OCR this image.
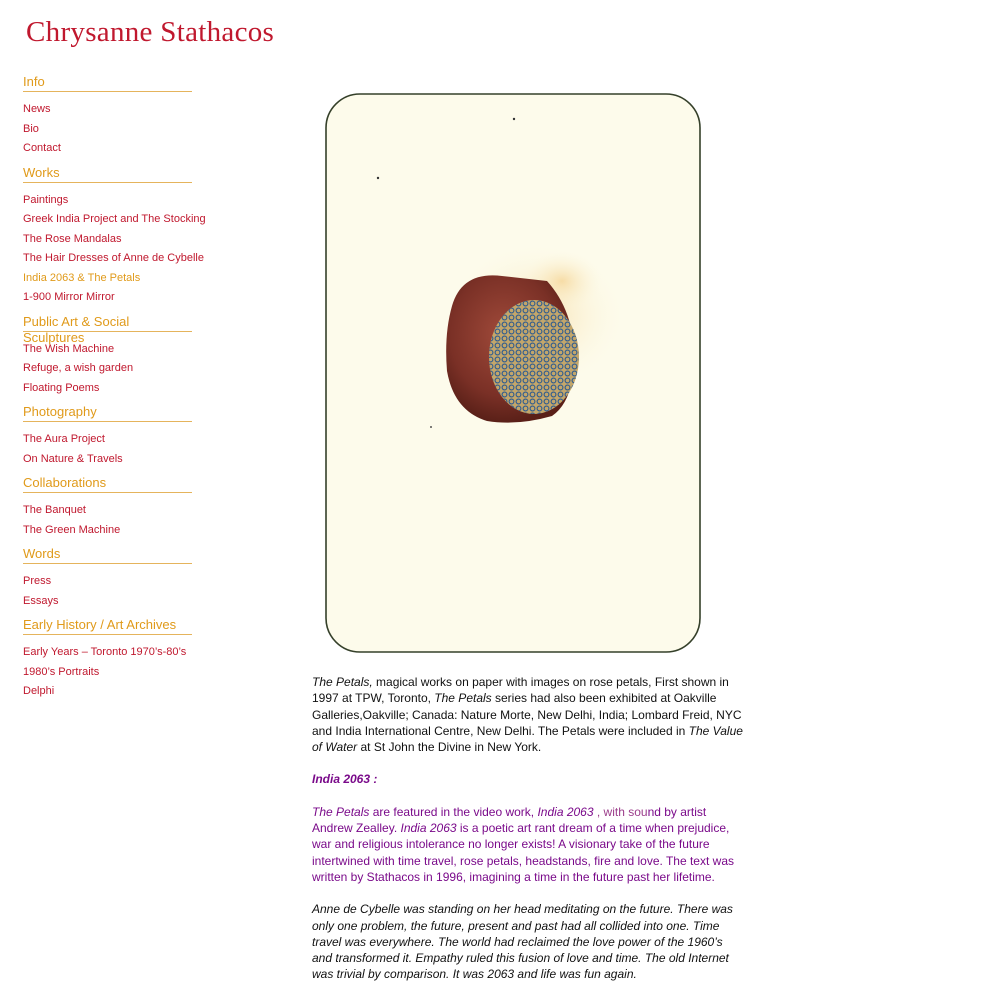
Chrysanne Stathacos
Info
News
Bio
Contact
Works
Paintings
Greek India Project and The Stocking
The Rose Mandalas
The Hair Dresses of Anne de Cybelle
India 2063 & The Petals
1-900 Mirror Mirror
Public Art & Social Sculptures
The Wish Machine
Refuge, a wish garden
Floating Poems
Photography
The Aura Project
On Nature & Travels
Collaborations
The Banquet
The Green Machine
Words
Press
Essays
Early History / Art Archives
Early Years – Toronto 1970’s-80’s
1980’s Portraits
Delphi

The Petals, magical works on paper with images on rose petals, First shown in 1997 at TPW, Toronto, The Petals series had also been exhibited at Oakville Galleries,Oakville; Canada: Nature Morte, New Delhi, India; Lombard Freid, NYC and India International Centre, New Delhi. The Petals were included in The Value of Water at St John the Divine in New York.

India 2063 :

The Petals are featured in the video work, India 2063 , with sound by artist Andrew Zealley. India 2063 is a poetic art rant dream of a time when prejudice, war and religious intolerance no longer exists! A visionary take of the future intertwined with time travel, rose petals, headstands, fire and love. The text was written by Stathacos in 1996, imagining a time in the future past her lifetime.

Anne de Cybelle was standing on her head meditating on the future. There was only one problem, the future, present and past had all collided into one. Time travel was everywhere. The world had reclaimed the love power of the 1960’s and transformed it. Empathy ruled this fusion of love and time. The old Internet was trivial by comparison. It was 2063 and life was fun again.
